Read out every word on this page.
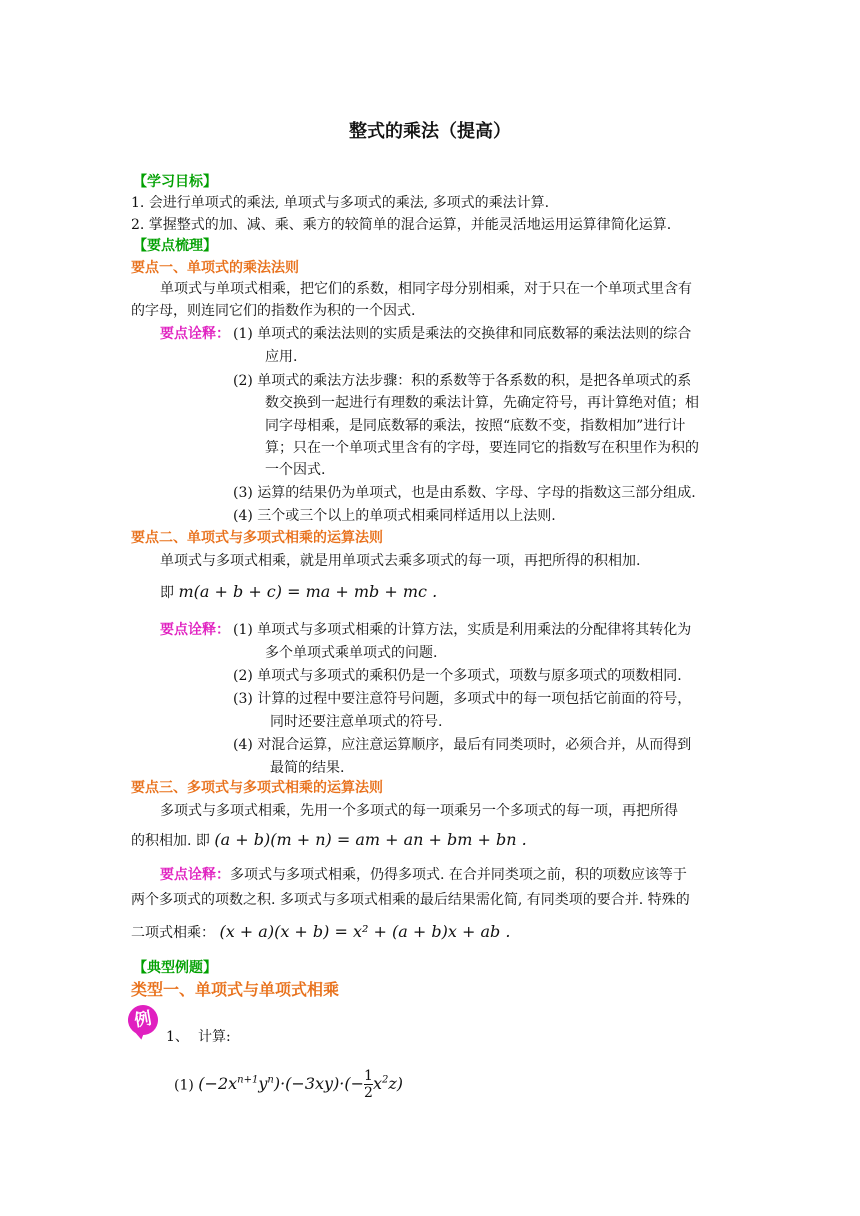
整式的乘法（提高）
【学习目标】
1. 会进行单项式的乘法, 单项式与多项式的乘法, 多项式的乘法计算.
2. 掌握整式的加、减、乘、乘方的较简单的混合运算，并能灵活地运用运算律简化运算.
【要点梳理】
要点一、单项式的乘法法则
单项式与单项式相乘，把它们的系数，相同字母分别相乘，对于只在一个单项式里含有
的字母，则连同它们的指数作为积的一个因式.
要点诠释： (1) 单项式的乘法法则的实质是乘法的交换律和同底数幂的乘法法则的综合
应用.
(2) 单项式的乘法方法步骤：积的系数等于各系数的积，是把各单项式的系
数交换到一起进行有理数的乘法计算，先确定符号，再计算绝对值；相
同字母相乘，是同底数幂的乘法，按照“底数不变，指数相加”进行计
算；只在一个单项式里含有的字母，要连同它的指数写在积里作为积的
一个因式.
(3) 运算的结果仍为单项式，也是由系数、字母、字母的指数这三部分组成.
(4) 三个或三个以上的单项式相乘同样适用以上法则.
要点二、单项式与多项式相乘的运算法则
单项式与多项式相乘，就是用单项式去乘多项式的每一项，再把所得的积相加.
即 m(a + b + c) = ma + mb + mc .
要点诠释： (1) 单项式与多项式相乘的计算方法，实质是利用乘法的分配律将其转化为
多个单项式乘单项式的问题.
(2) 单项式与多项式的乘积仍是一个多项式，项数与原多项式的项数相同.
(3) 计算的过程中要注意符号问题，多项式中的每一项包括它前面的符号，
同时还要注意单项式的符号.
(4) 对混合运算，应注意运算顺序，最后有同类项时，必须合并，从而得到
最简的结果.
要点三、多项式与多项式相乘的运算法则
多项式与多项式相乘，先用一个多项式的每一项乘另一个多项式的每一项，再把所得
的积相加. 即 (a + b)(m + n) = am + an + bm + bn .
要点诠释：多项式与多项式相乘，仍得多项式. 在合并同类项之前，积的项数应该等于
两个多项式的项数之积. 多项式与多项式相乘的最后结果需化简, 有同类项的要合并. 特殊的
二项式相乘： (x + a)(x + b) = x² + (a + b)x + ab .
【典型例题】
类型一、单项式与单项式相乘
例
1、 计算:
(1) $(-2x^{n+1}y^n)\cdot(-3xy)\cdot(- \frac{1}{2} x^2z)$
